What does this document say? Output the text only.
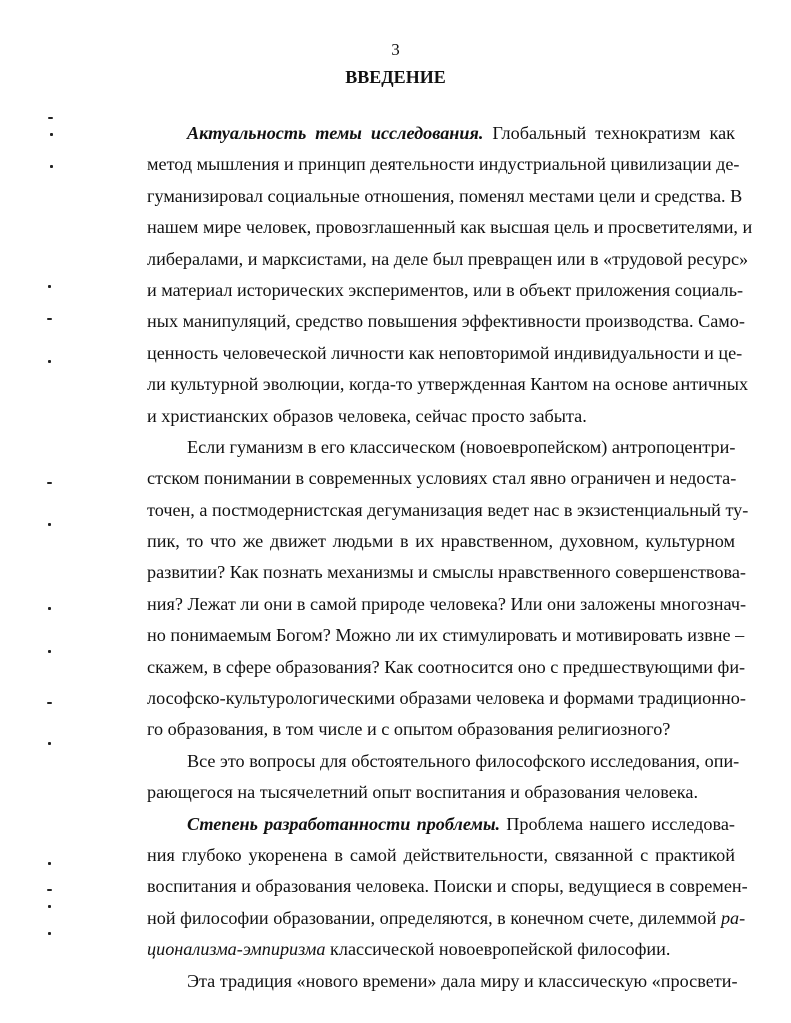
3
ВВЕДЕНИЕ
Актуальность темы исследования. Глобальный технократизм как
метод мышления и принцип деятельности индустриальной цивилизации де-
гуманизировал социальные отношения, поменял местами цели и средства. В
нашем мире человек, провозглашенный как высшая цель и просветителями, и
либералами, и марксистами, на деле был превращен или в «трудовой ресурс»
и материал исторических экспериментов, или в объект приложения социаль-
ных манипуляций, средство повышения эффективности производства. Само-
ценность человеческой личности как неповторимой индивидуальности и це-
ли культурной эволюции, когда-то утвержденная Кантом на основе античных
и христианских образов человека, сейчас просто забыта.
Если гуманизм в его классическом (новоевропейском) антропоцентри-
стском понимании в современных условиях стал явно ограничен и недоста-
точен, а постмодернистская дегуманизация ведет нас в экзистенциальный ту-
пик, то что же движет людьми в их нравственном, духовном, культурном
развитии? Как познать механизмы и смыслы нравственного совершенствова-
ния? Лежат ли они в самой природе человека? Или они заложены многознач-
но понимаемым Богом? Можно ли их стимулировать и мотивировать извне –
скажем, в сфере образования? Как соотносится оно с предшествующими фи-
лософско-культурологическими образами человека и формами традиционно-
го образования, в том числе и с опытом образования религиозного?
Все это вопросы для обстоятельного философского исследования, опи-
рающегося на тысячелетний опыт воспитания и образования человека.
Степень разработанности проблемы. Проблема нашего исследова-
ния глубоко укоренена в самой действительности, связанной с практикой
воспитания и образования человека. Поиски и споры, ведущиеся в современ-
ной философии образовании, определяются, в конечном счете, дилеммой ра-
ционализма-эмпиризма классической новоевропейской философии.
Эта традиция «нового времени» дала миру и классическую «просвети-
